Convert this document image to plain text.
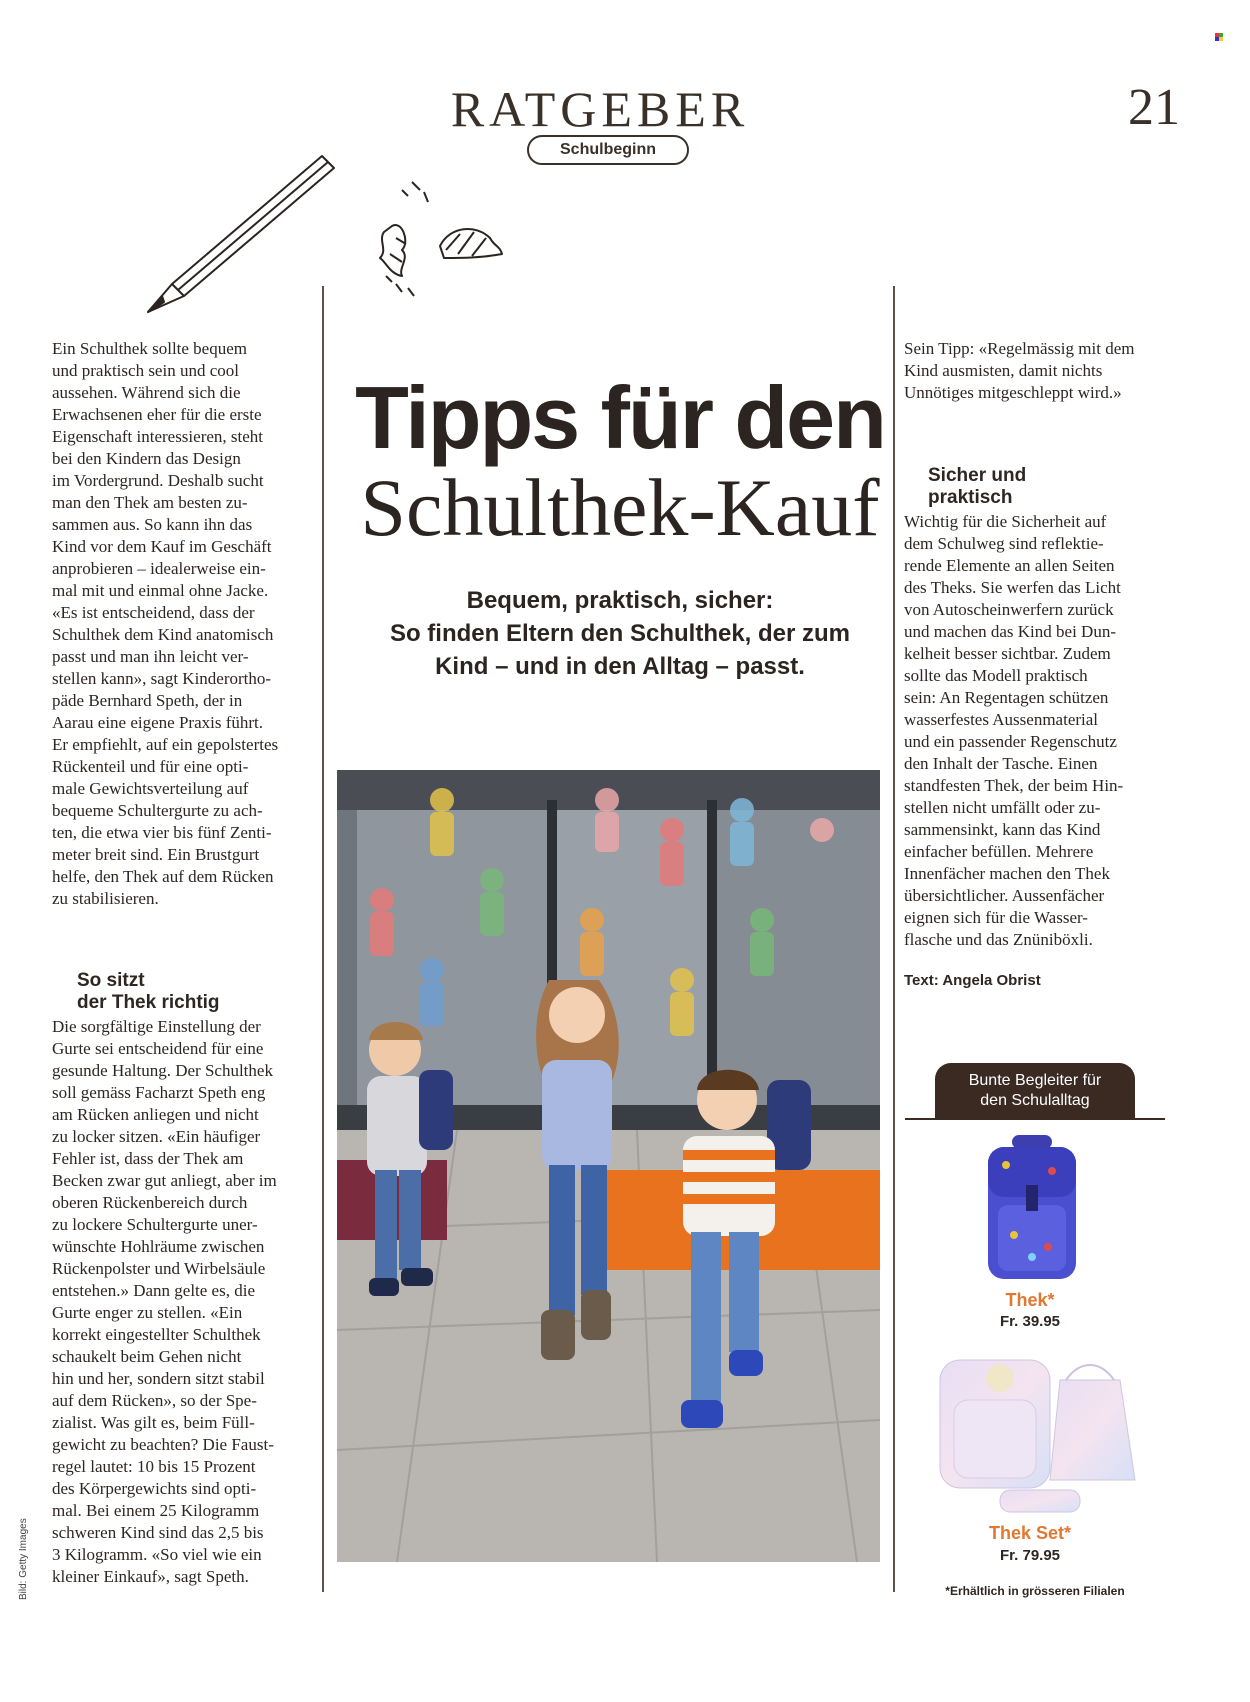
RATGEBER
Schulbeginn
21

Ein Schulthek sollte bequem

und praktisch sein und cool

aussehen. Während sich die

Erwachsenen eher für die erste

Eigenschaft interessieren, steht

bei den Kindern das Design

im Vordergrund. Deshalb sucht

man den Thek am besten zu-

sammen aus. So kann ihn das

Kind vor dem Kauf im Geschäft

anprobieren – idealerweise ein-

mal mit und einmal ohne Jacke.

«Es ist entscheidend, dass der

Schulthek dem Kind anatomisch

passt und man ihn leicht ver-

stellen kann», sagt Kinderortho-

päde Bernhard Speth, der in

Aarau eine eigene Praxis führt.

Er empfiehlt, auf ein gepolstertes

Rückenteil und für eine opti-

male Gewichtsverteilung auf

bequeme Schultergurte zu ach-

ten, die etwa vier bis fünf Zenti-

meter breit sind. Ein Brustgurt

helfe, den Thek auf dem Rücken

zu stabilisieren.

So sitzt
der Thek richtig

Die sorgfältige Einstellung der

Gurte sei entscheidend für eine

gesunde Haltung. Der Schulthek

soll gemäss Facharzt Speth eng

am Rücken anliegen und nicht

zu locker sitzen. «Ein häufiger

Fehler ist, dass der Thek am

Becken zwar gut anliegt, aber im

oberen Rückenbereich durch

zu lockere Schultergurte uner-

wünschte Hohlräume zwischen

Rückenpolster und Wirbelsäule

entstehen.» Dann gelte es, die

Gurte enger zu stellen. «Ein

korrekt eingestellter Schulthek

schaukelt beim Gehen nicht

hin und her, sondern sitzt stabil

auf dem Rücken», so der Spe-

zialist. Was gilt es, beim Füll-

gewicht zu beachten? Die Faust-

regel lautet: 10 bis 15 Prozent

des Körpergewichts sind opti-

mal. Bei einem 25 Kilogramm

schweren Kind sind das 2,5 bis

3 Kilogramm. «So viel wie ein

kleiner Einkauf», sagt Speth.

Bild: Getty Images
Tipps für den
Schulthek-Kauf
Bequem, praktisch, sicher:
So finden Eltern den Schulthek, der zum
Kind – und in den Alltag – passt.

Sein Tipp: «Regelmässig mit dem

Kind ausmisten, damit nichts

Unnötiges mitgeschleppt wird.»

Sicher und
praktisch

Wichtig für die Sicherheit auf

dem Schulweg sind reflektie-

rende Elemente an allen Seiten

des Theks. Sie werfen das Licht

von Autoscheinwerfern zurück

und machen das Kind bei Dun-

kelheit besser sichtbar. Zudem

sollte das Modell praktisch

sein: An Regentagen schützen

wasserfestes Aussenmaterial

und ein passender Regenschutz

den Inhalt der Tasche. Einen

standfesten Thek, der beim Hin-

stellen nicht umfällt oder zu-

sammensinkt, kann das Kind

einfacher befüllen. Mehrere

Innenfächer machen den Thek

übersichtlicher. Aussenfächer

eignen sich für die Wasser-

flasche und das Znüniböxli.

Text: Angela Obrist
Bunte Begleiter für
den Schulalltag
Thek*
Fr. 39.95
Thek Set*
Fr. 79.95
*Erhältlich in grösseren Filialen
